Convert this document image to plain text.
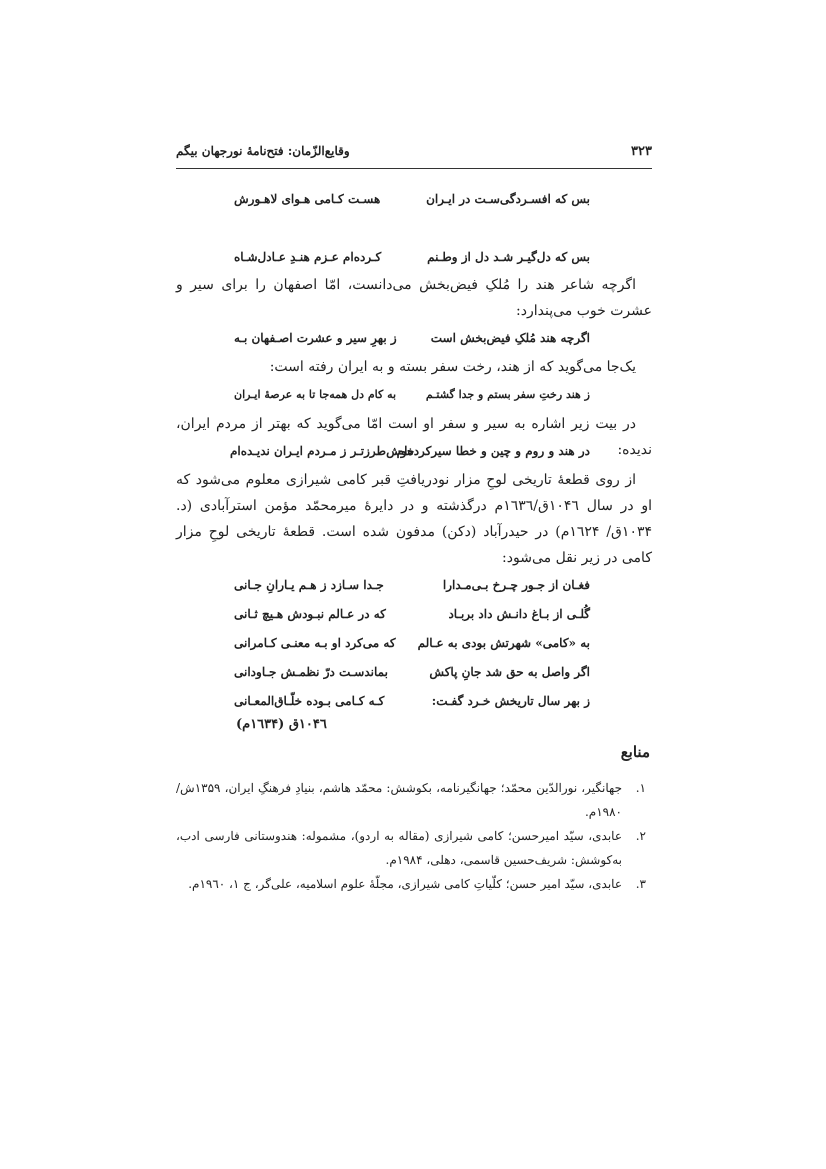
۳۲۳
وقایع‌الزّمان: فتح‌نامهٔ نورجهان بیگم
بس که افسـردگی‌سـت در ایـران
هسـت کـامی هـوای لاهـورش
بس که دل‌گیـر شـد دل از وطـنم
کـرده‌ام عـزم هنـدِ عـادل‌شـاه
اگرچه شاعر هند را مُلکِ فیض‌بخش می‌دانست، امّا اصفهان را برای سیر و عشرت خوب می‌پندارد:
اگرچه هند مُلکِ فیض‌بخش است
ز بهرِ سیر و عشرت اصـفهان بـه
یک‌جا می‌گوید که از هند، رخت سفر بسته و به ایران رفته است:
ز هند رختِ سفر بستم و جدا گشتـم
به کام دل همه‌جا تا به عرصهٔ ایـران
در بیت زیر اشاره به سیر و سفر او است امّا می‌گوید که بهتر از مردم ایران، ندیده:
در هند و روم و چین و خطا سیرکرده‌ام
خوش‌طرزتـر ز مـردم ایـران ندیـده‌ام
از روی قطعهٔ تاریخی لوحِ مزار نودریافتِ قبر کامی شیرازی معلوم می‌شود که او در سال ۱۰۴٦ق/۱٦۳٦م درگذشته و در دایرهٔ میرمحمّد مؤمن استرآبادی (د. ۱۰۳۴ق/ ۱٦۲۴م) در حیدرآباد (دکن) مدفون شده است. قطعهٔ تاریخی لوحِ مزار کامی در زیر نقل می‌شود:
فغـان از جـور چـرخ بـی‌مـدارا
جـدا سـازد ز هـم یـارانِ جـانی
گُلـی از بـاغ دانـش داد بربـاد
که در عـالم نبـودش هـیچ ثـانی
به «کامی» شهرتش بودی به عـالم
که می‌کرد او بـه معنـی کـامرانی
اگر واصل به حق شد جانِ پاکش
بماندسـت درّ نظمـش جـاودانی
ز بهر سال تاریخش خـرد گفـت:
کـه کـامی بـوده خلّـاق‌المعـانی
۱۰۴٦ق (۱٦۳۴م)
منابع
۱.
جهانگیر، نورالدّین محمّد؛ جهانگیرنامه، بکوشش: محمّد هاشم، بنیادِ فرهنگِ ایران، ۱۳۵۹ش/۱۹۸۰م.
۲.
عابدی، سیّد امیرحسن؛ کامی شیرازی (مقاله به اردو)، مشموله: هندوستانی فارسی ادب، به‌کوشش: شریف‌حسین قاسمی، دهلی، ۱۹۸۴م.
۳.
عابدی، سیّد امیر حسن؛ کلّیاتِ کامی شیرازی، مجلّهٔ علوم اسلامیه، علی‌گر، ج ۱، ۱۹٦۰م.
